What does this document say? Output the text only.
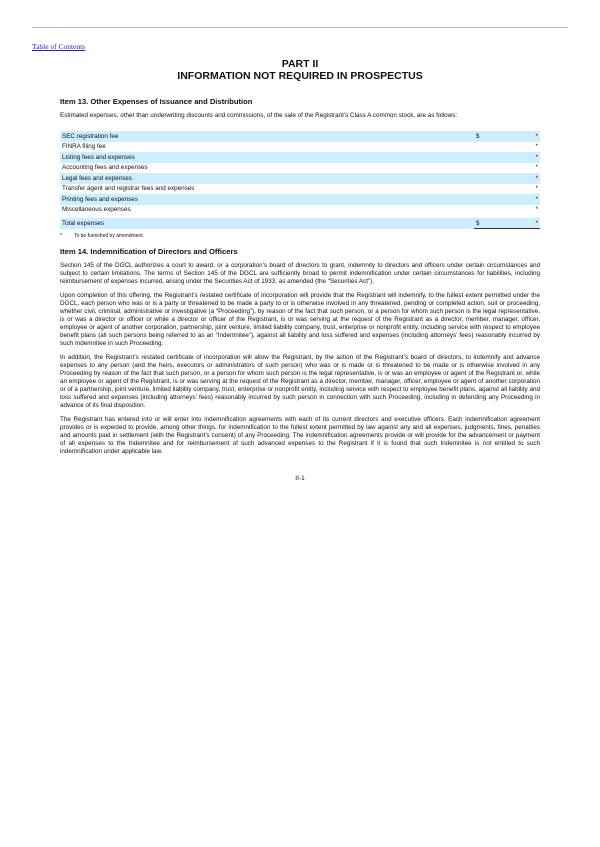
Table of Contents

PART II

INFORMATION NOT REQUIRED IN PROSPECTUS

Item 13. Other Expenses of Issuance and Distribution

Estimated expenses, other than underwriting discounts and commissions, of the sale of the Registrant’s Class A common stock, are as follows:

SEC registration fee	$	*
FINRA filing fee		*
Listing fees and expenses		*
Accounting fees and expenses		*
Legal fees and expenses		*
Transfer agent and registrar fees and expenses		*
Printing fees and expenses		*
Miscellaneous expenses		*

Total expenses	$	*
* To be furnished by amendment.

Item 14. Indemnification of Directors and Officers

Section 145 of the DGCL authorizes a court to award, or a corporation’s board of directors to grant, indemnity to directors and officers under certain circumstances and subject to certain limitations. The terms of Section 145 of the DGCL are sufficiently broad to permit indemnification under certain circumstances for liabilities, including reimbursement of expenses incurred, arising under the Securities Act of 1933, as amended (the “Securities Act”).

Upon completion of this offering, the Registrant’s restated certificate of incorporation will provide that the Registrant will indemnify, to the fullest extent permitted under the DGCL, each person who was or is a party or threatened to be made a party to or is otherwise involved in any threatened, pending or completed action, suit or proceeding, whether civil, criminal, administrative or investigative (a “Proceeding”), by reason of the fact that such person, or a person for whom such person is the legal representative, is or was a director or officer or while a director or officer of the Registrant, is or was serving at the request of the Registrant as a director, member, manager, officer, employee or agent of another corporation, partnership, joint venture, limited liability company, trust, enterprise or nonprofit entity, including service with respect to employee benefit plans (all such persons being referred to as an “Indemnitee”), against all liability and loss suffered and expenses (including attorneys’ fees) reasonably incurred by such Indemnitee in such Proceeding.

In addition, the Registrant’s restated certificate of incorporation will allow the Registrant, by the action of the Registrant’s board of directors, to indemnify and advance expenses to any person (and the heirs, executors or administrators of such person) who was or is made or is threatened to be made or is otherwise involved in any Proceeding by reason of the fact that such person, or a person for whom such person is the legal representative, is or was an employee or agent of the Registrant or, while an employee or agent of the Registrant, is or was serving at the request of the Registrant as a director, member, manager, officer, employee or agent of another corporation or of a partnership, joint venture, limited liability company, trust, enterprise or nonprofit entity, including service with respect to employee benefit plans, against all liability and loss suffered and expenses (including attorneys’ fees) reasonably incurred by such person in connection with such Proceeding, including in defending any Proceeding in advance of its final disposition.

The Registrant has entered into or will enter into indemnification agreements with each of its current directors and executive officers. Each indemnification agreement provides or is expected to provide, among other things, for indemnification to the fullest extent permitted by law against any and all expenses, judgments, fines, penalties and amounts paid in settlement (with the Registrant’s consent) of any Proceeding. The indemnification agreements provide or will provide for the advancement or payment of all expenses to the Indemnitee and for reimbursement of such advanced expenses to the Registrant if it is found that such Indemnitee is not entitled to such indemnification under applicable law.

II-1
